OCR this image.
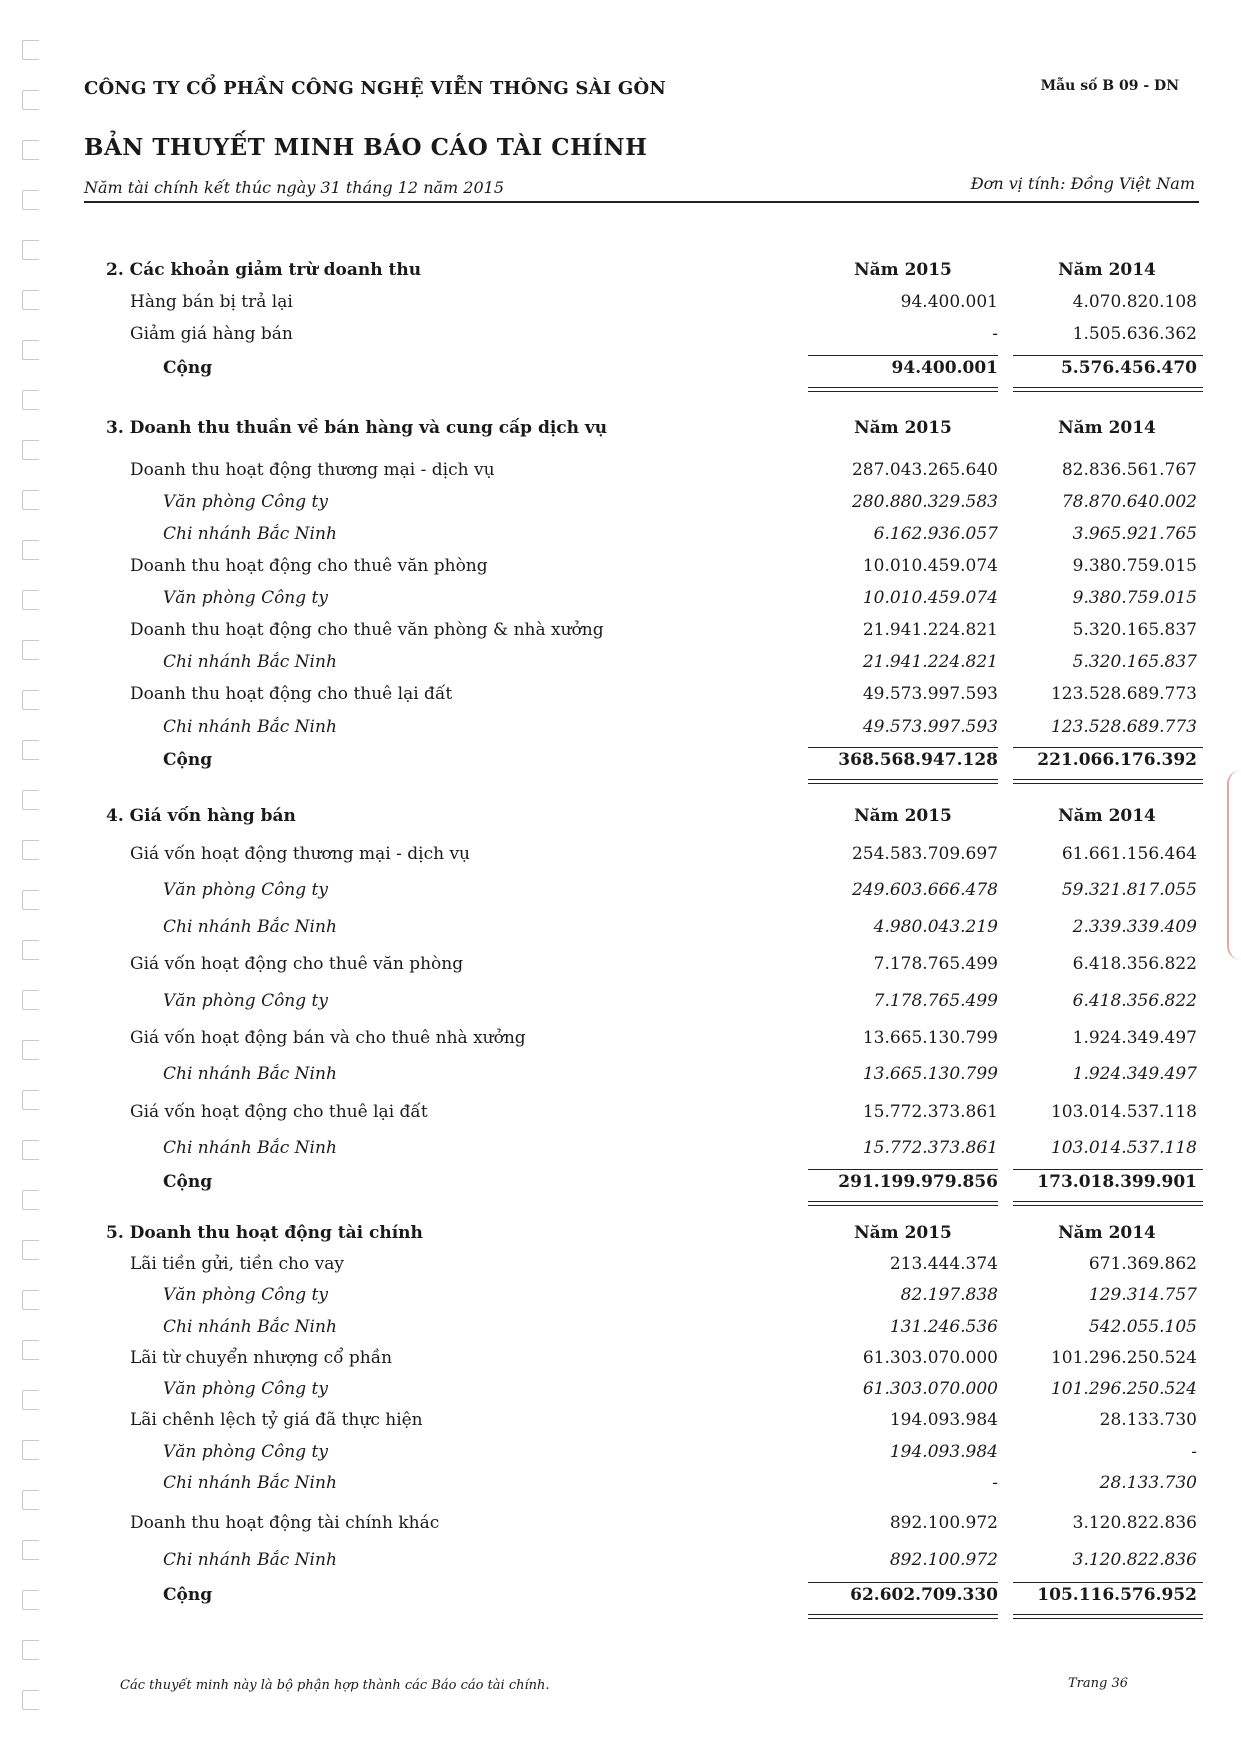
CÔNG TY CỔ PHẦN CÔNG NGHỆ VIỄN THÔNG SÀI GÒN	Mẫu số B 09 - DN
BẢN THUYẾT MINH BÁO CÁO TÀI CHÍNH
Năm tài chính kết thúc ngày 31 tháng 12 năm 2015	Đơn vị tính: Đồng Việt Nam
2. Các khoản giảm trừ doanh thu	Năm 2015	Năm 2014
Hàng bán bị trả lại	94.400.001	4.070.820.108
Giảm giá hàng bán	-	1.505.636.362
Cộng	94.400.001	5.576.456.470
3. Doanh thu thuần về bán hàng và cung cấp dịch vụ	Năm 2015	Năm 2014
Doanh thu hoạt động thương mại - dịch vụ	287.043.265.640	82.836.561.767
Văn phòng Công ty	280.880.329.583	78.870.640.002
Chi nhánh Bắc Ninh	6.162.936.057	3.965.921.765
Doanh thu hoạt động cho thuê văn phòng	10.010.459.074	9.380.759.015
Văn phòng Công ty	10.010.459.074	9.380.759.015
Doanh thu hoạt động cho thuê văn phòng & nhà xưởng	21.941.224.821	5.320.165.837
Chi nhánh Bắc Ninh	21.941.224.821	5.320.165.837
Doanh thu hoạt động cho thuê lại đất	49.573.997.593	123.528.689.773
Chi nhánh Bắc Ninh	49.573.997.593	123.528.689.773
Cộng	368.568.947.128	221.066.176.392
4. Giá vốn hàng bán	Năm 2015	Năm 2014
Giá vốn hoạt động thương mại - dịch vụ	254.583.709.697	61.661.156.464
Văn phòng Công ty	249.603.666.478	59.321.817.055
Chi nhánh Bắc Ninh	4.980.043.219	2.339.339.409
Giá vốn hoạt động cho thuê văn phòng	7.178.765.499	6.418.356.822
Văn phòng Công ty	7.178.765.499	6.418.356.822
Giá vốn hoạt động bán và cho thuê nhà xưởng	13.665.130.799	1.924.349.497
Chi nhánh Bắc Ninh	13.665.130.799	1.924.349.497
Giá vốn hoạt động cho thuê lại đất	15.772.373.861	103.014.537.118
Chi nhánh Bắc Ninh	15.772.373.861	103.014.537.118
Cộng	291.199.979.856	173.018.399.901
5. Doanh thu hoạt động tài chính	Năm 2015	Năm 2014
Lãi tiền gửi, tiền cho vay	213.444.374	671.369.862
Văn phòng Công ty	82.197.838	129.314.757
Chi nhánh Bắc Ninh	131.246.536	542.055.105
Lãi từ chuyển nhượng cổ phần	61.303.070.000	101.296.250.524
Văn phòng Công ty	61.303.070.000	101.296.250.524
Lãi chênh lệch tỷ giá đã thực hiện	194.093.984	28.133.730
Văn phòng Công ty	194.093.984	-
Chi nhánh Bắc Ninh	-	28.133.730
Doanh thu hoạt động tài chính khác	892.100.972	3.120.822.836
Chi nhánh Bắc Ninh	892.100.972	3.120.822.836
Cộng	62.602.709.330	105.116.576.952
Các thuyết minh này là bộ phận hợp thành các Báo cáo tài chính.	Trang 36
